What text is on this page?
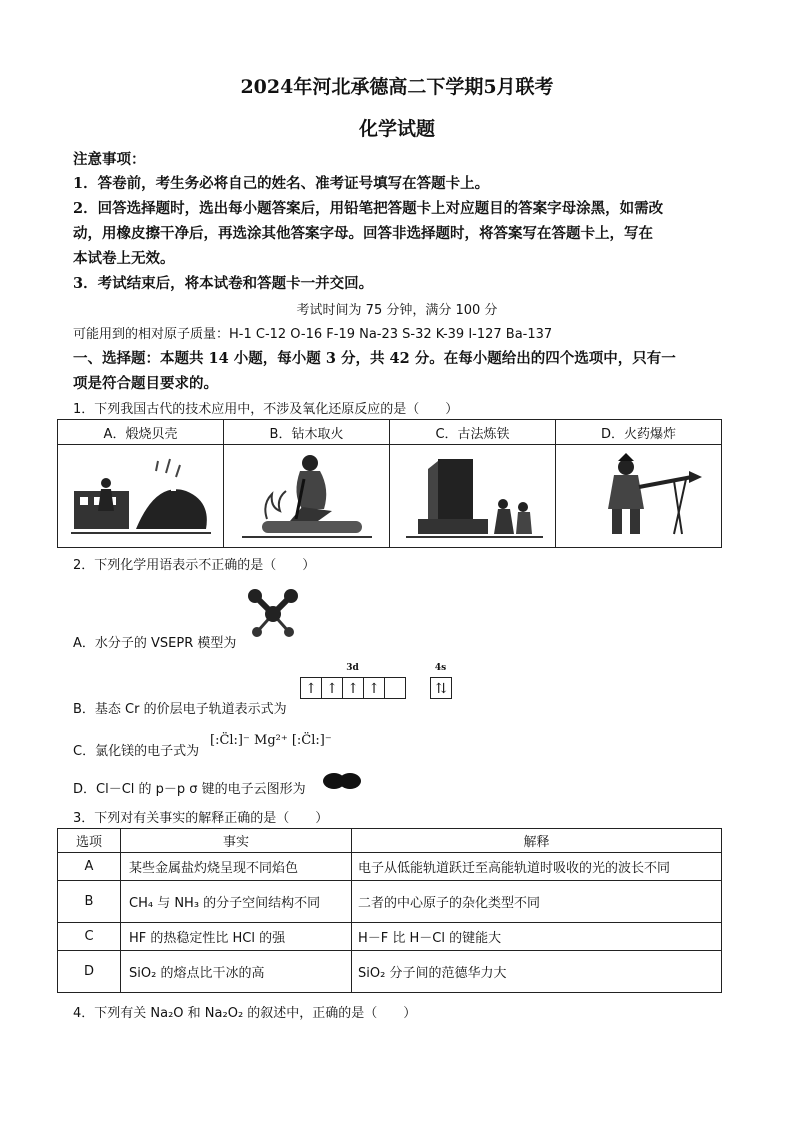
2024年河北承德高二下学期5月联考
化学试题
注意事项：
1．答卷前，考生务必将自己的姓名、准考证号填写在答题卡上。
2．回答选择题时，选出每小题答案后，用铅笔把答题卡上对应题目的答案字母涂黑，如需改
动，用橡皮擦干净后，再选涂其他答案字母。回答非选择题时，将答案写在答题卡上，写在
本试卷上无效。
3．考试结束后，将本试卷和答题卡一并交回。
考试时间为 75 分钟，满分 100 分
可能用到的相对原子质量：H-1 C-12 O-16 F-19 Na-23 S-32 K-39 I-127 Ba-137
一、选择题：本题共 14 小题，每小题 3 分，共 42 分。在每小题给出的四个选项中，只有一
项是符合题目要求的。
1．下列我国古代的技术应用中，不涉及氧化还原反应的是（　　）
A．煅烧贝壳	B．钻木取火	C．古法炼铁	D．火药爆炸

2．下列化学用语表示不正确的是（　　）
A．水分子的 VSEPR 模型为
B．基态 Cr 的价层电子轨道表示式为
3d
↑ ↑ ↑ ↑
4s
⇅
C．氯化镁的电子式为
[:C̈l:]⁻ Mg²⁺ [:C̈l:]⁻
D．Cl－Cl 的 p－p σ 键的电子云图形为
3．下列对有关事实的解释正确的是（　　）
选项	事实	解释
A	某些金属盐灼烧呈现不同焰色	电子从低能轨道跃迁至高能轨道时吸收的光的波长不同
B	CH₄ 与 NH₃ 的分子空间结构不同	二者的中心原子的杂化类型不同
C	HF 的热稳定性比 HCl 的强	H－F 比 H－Cl 的键能大
D	SiO₂ 的熔点比干冰的高	SiO₂ 分子间的范德华力大
4．下列有关 Na₂O 和 Na₂O₂ 的叙述中，正确的是（　　）
